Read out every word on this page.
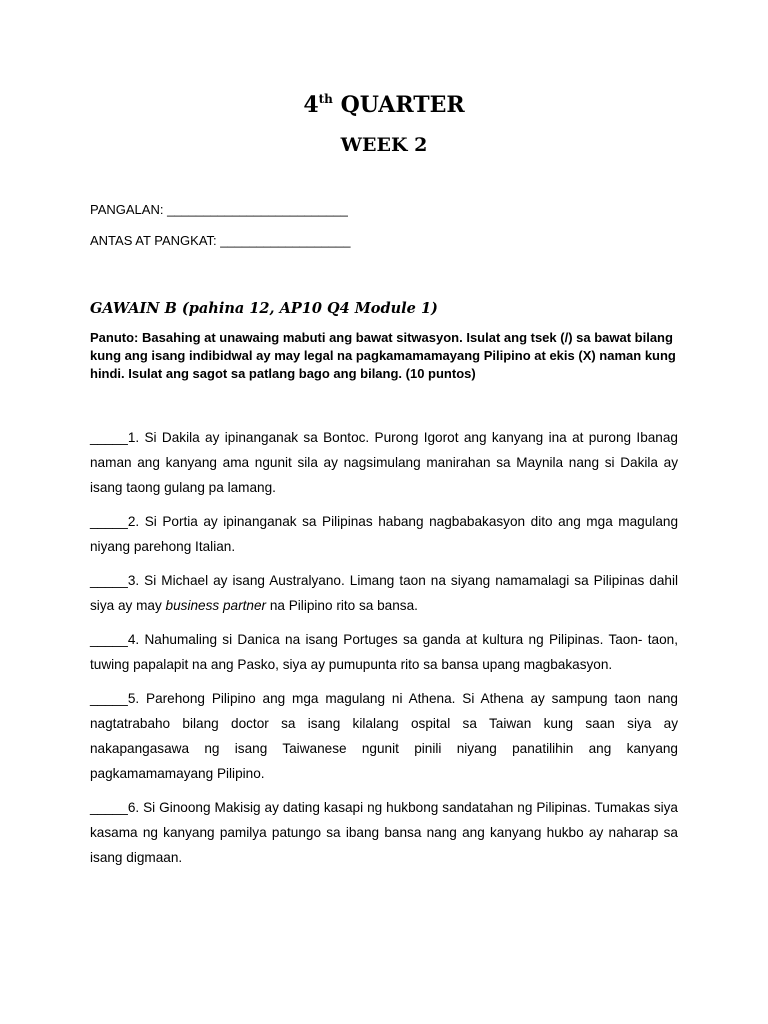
4th QUARTER
WEEK 2
PANGALAN: _________________________
ANTAS AT PANGKAT: __________________
GAWAIN B (pahina 12, AP10 Q4 Module 1)
Panuto: Basahing at unawaing mabuti ang bawat sitwasyon. Isulat ang tsek (/) sa bawat bilang kung ang isang indibidwal ay may legal na pagkamamamayang Pilipino at ekis (X) naman kung hindi. Isulat ang sagot sa patlang bago ang bilang. (10 puntos)

_____1. Si Dakila ay ipinanganak sa Bontoc. Purong Igorot ang kanyang ina at purong Ibanag naman ang kanyang ama ngunit sila ay nagsimulang manirahan sa Maynila nang si Dakila ay isang taong gulang pa lamang.

_____2. Si Portia ay ipinanganak sa Pilipinas habang nagbabakasyon dito ang mga magulang niyang parehong Italian.

_____3. Si Michael ay isang Australyano. Limang taon na siyang namamalagi sa Pilipinas dahil siya ay may business partner na Pilipino rito sa bansa.

_____4. Nahumaling si Danica na isang Portuges sa ganda at kultura ng Pilipinas. Taon- taon, tuwing papalapit na ang Pasko, siya ay pumupunta rito sa bansa upang magbakasyon.

_____5. Parehong Pilipino ang mga magulang ni Athena. Si Athena ay sampung taon nang nagtatrabaho bilang doctor sa isang kilalang ospital sa Taiwan kung saan siya ay nakapangasawa ng isang Taiwanese ngunit pinili niyang panatilihin ang kanyang pagkamamamayang Pilipino.

_____6. Si Ginoong Makisig ay dating kasapi ng hukbong sandatahan ng Pilipinas. Tumakas siya kasama ng kanyang pamilya patungo sa ibang bansa nang ang kanyang hukbo ay naharap sa isang digmaan.
